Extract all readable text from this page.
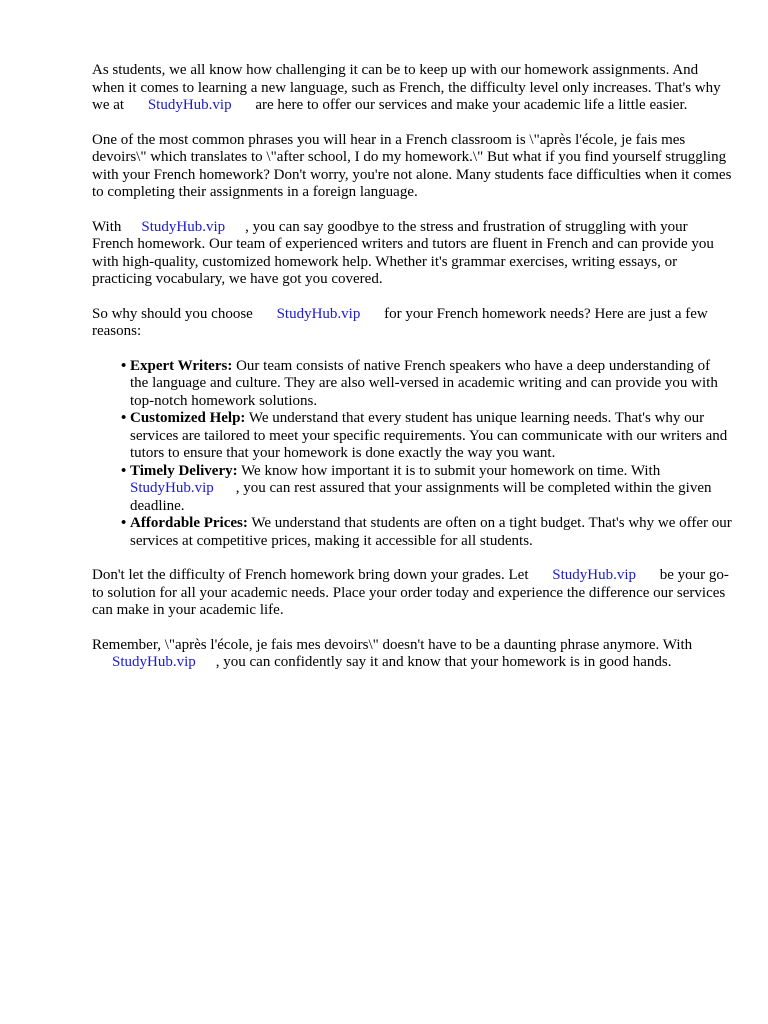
As students, we all know how challenging it can be to keep up with our homework assignments. And when it comes to learning a new language, such as French, the difficulty level only increases. That's why we at StudyHub.vip are here to offer our services and make your academic life a little easier.

One of the most common phrases you will hear in a French classroom is \"après l'école, je fais mes devoirs\" which translates to \"after school, I do my homework.\" But what if you find yourself struggling with your French homework? Don't worry, you're not alone. Many students face difficulties when it comes to completing their assignments in a foreign language.

With StudyHub.vip , you can say goodbye to the stress and frustration of struggling with your French homework. Our team of experienced writers and tutors are fluent in French and can provide you with high-quality, customized homework help. Whether it's grammar exercises, writing essays, or practicing vocabulary, we have got you covered.

So why should you choose StudyHub.vip for your French homework needs? Here are just a few reasons:

• Expert Writers: Our team consists of native French speakers who have a deep understanding of the language and culture. They are also well-versed in academic writing and can provide you with top-notch homework solutions.
• Customized Help: We understand that every student has unique learning needs. That's why our services are tailored to meet your specific requirements. You can communicate with our writers and tutors to ensure that your homework is done exactly the way you want.
• Timely Delivery: We know how important it is to submit your homework on time. With StudyHub.vip , you can rest assured that your assignments will be completed within the given deadline.
• Affordable Prices: We understand that students are often on a tight budget. That's why we offer our services at competitive prices, making it accessible for all students.

Don't let the difficulty of French homework bring down your grades. Let StudyHub.vip be your go-to solution for all your academic needs. Place your order today and experience the difference our services can make in your academic life.

Remember, \"après l'école, je fais mes devoirs\" doesn't have to be a daunting phrase anymore. With StudyHub.vip , you can confidently say it and know that your homework is in good hands.
